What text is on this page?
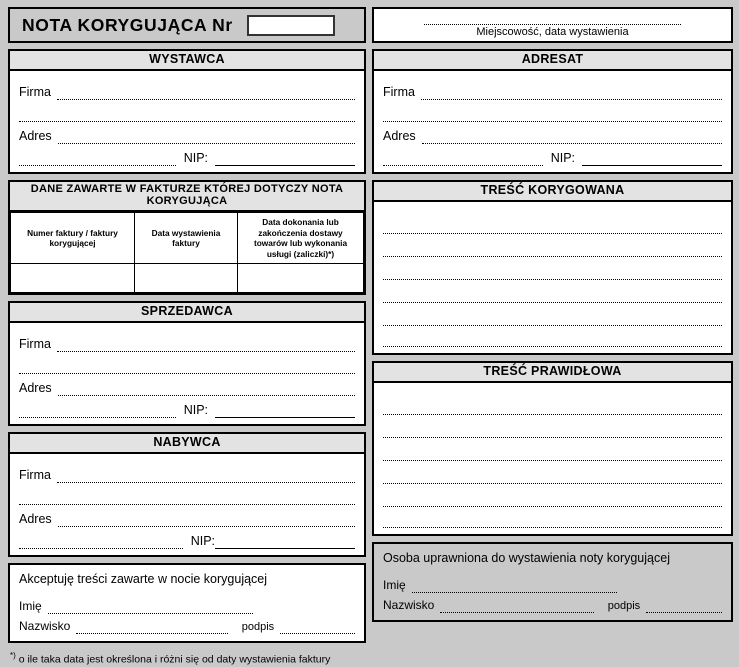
NOTA KORYGUJĄCA Nr
WYSTAWCA
Firma
Adres
NIP:
DANE ZAWARTE W FAKTURZE KTÓREJ DOTYCZY NOTA KORYGUJĄCA
Numer faktury / faktury korygującej	Data wystawienia faktury	Data dokonania lub zakończenia dostawy towarów lub wykonania usługi (zaliczki)*)

SPRZEDAWCA
Firma
Adres
NIP:
NABYWCA
Firma
Adres
NIP:
Akceptuję treści zawarte w nocie korygującej
Imię
Nazwisko	podpis
*) o ile taka data jest określona i różni się od daty wystawienia faktury
Miejscowość, data wystawienia
ADRESAT
Firma
Adres
NIP:
TREŚĆ KORYGOWANA
TREŚĆ PRAWIDŁOWA
Osoba uprawniona do wystawienia noty korygującej
Imię
Nazwisko	podpis
